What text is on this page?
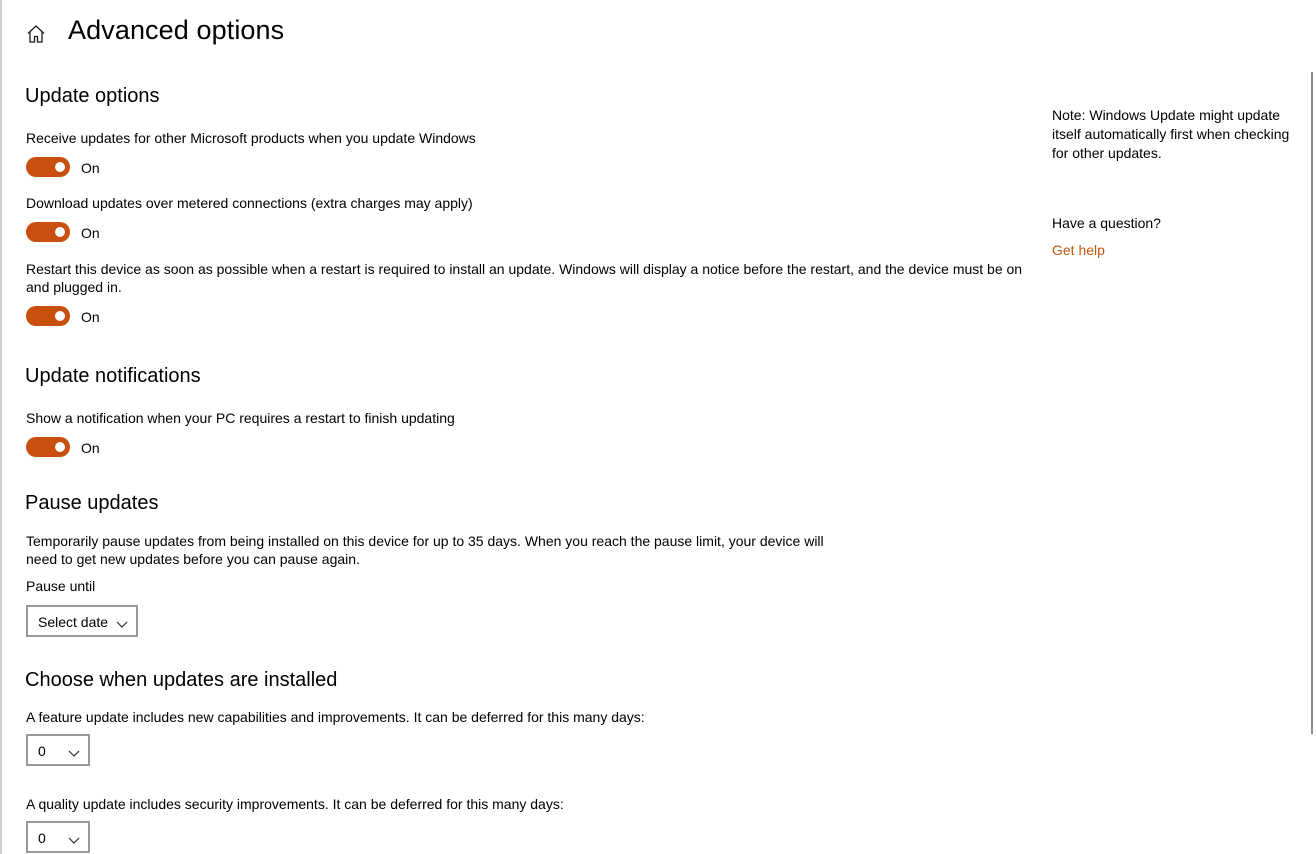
Advanced options
Update options
Receive updates for other Microsoft products when you update Windows
On
Download updates over metered connections (extra charges may apply)
On
Restart this device as soon as possible when a restart is required to install an update. Windows will display a notice before the restart, and the device must be on and plugged in.
On
Update notifications
Show a notification when your PC requires a restart to finish updating
On
Pause updates
Temporarily pause updates from being installed on this device for up to 35 days. When you reach the pause limit, your device will need to get new updates before you can pause again.
Pause until
Select date
Choose when updates are installed
A feature update includes new capabilities and improvements. It can be deferred for this many days:
0
A quality update includes security improvements. It can be deferred for this many days:
0
Note: Windows Update might update itself automatically first when checking for other updates.
Have a question?
Get help
